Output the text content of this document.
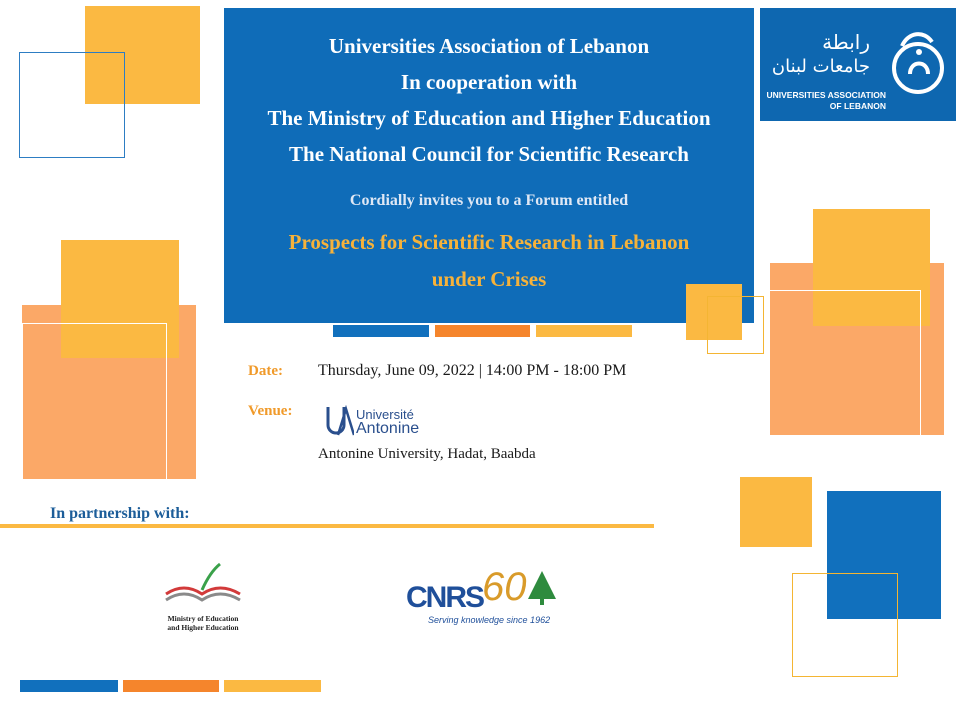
Universities Association of Lebanon
In cooperation with
The Ministry of Education and Higher Education
The National Council for Scientific Research
Cordially invites you to a Forum entitled
Prospects for Scientific Research in Lebanon
under Crises
رابطة
جامعات لبنان
UNIVERSITIES ASSOCIATION
OF LEBANON
Date: Thursday, June 09, 2022 | 14:00 PM - 18:00 PM
Venue:	Université
Antonine
Antonine University, Hadat, Baabda
In partnership with:
Ministry of Education
and Higher Education
CNRS
60
Serving knowledge since 1962
